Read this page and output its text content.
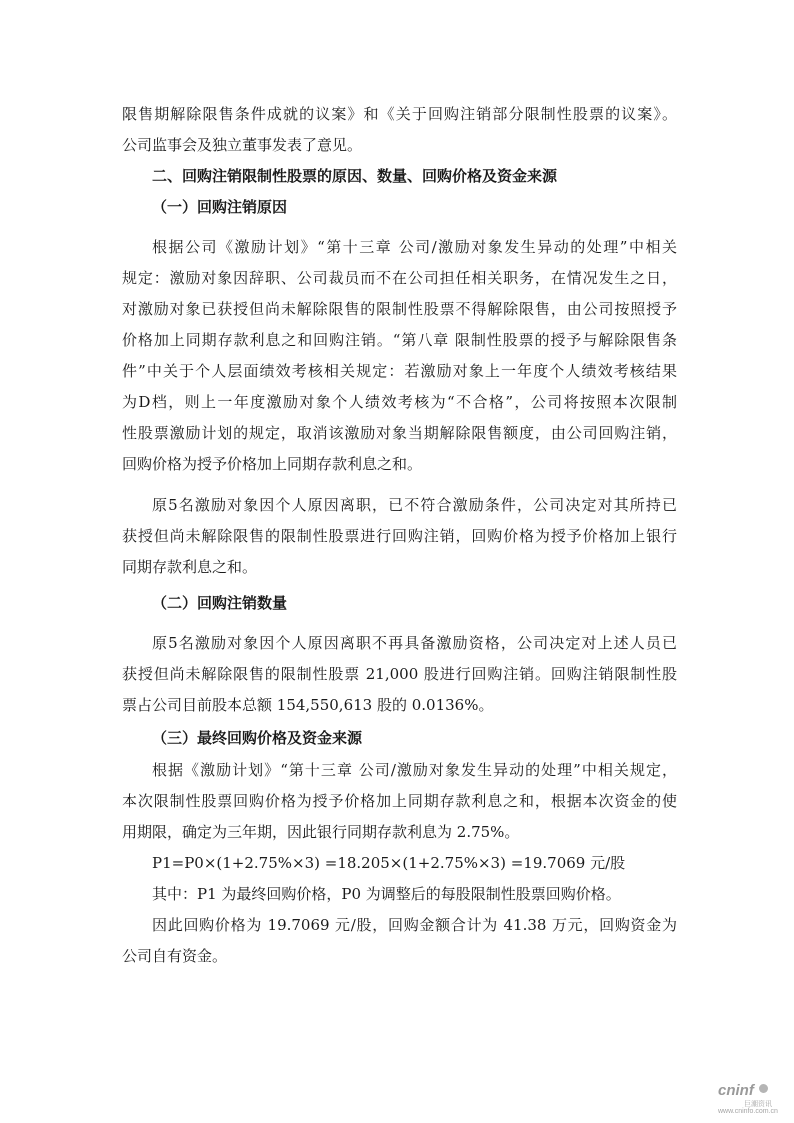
限售期解除限售条件成就的议案》和《关于回购注销部分限制性股票的议案》。
公司监事会及独立董事发表了意见。
二、回购注销限制性股票的原因、数量、回购价格及资金来源
（一）回购注销原因
根据公司《激励计划》“第十三章 公司/激励对象发生异动的处理”中相关
规定：激励对象因辞职、公司裁员而不在公司担任相关职务，在情况发生之日，
对激励对象已获授但尚未解除限售的限制性股票不得解除限售，由公司按照授予
价格加上同期存款利息之和回购注销。“第八章 限制性股票的授予与解除限售条
件”中关于个人层面绩效考核相关规定：若激励对象上一年度个人绩效考核结果
为D档，则上一年度激励对象个人绩效考核为“不合格”，公司将按照本次限制
性股票激励计划的规定，取消该激励对象当期解除限售额度，由公司回购注销，
回购价格为授予价格加上同期存款利息之和。
原5名激励对象因个人原因离职，已不符合激励条件，公司决定对其所持已
获授但尚未解除限售的限制性股票进行回购注销，回购价格为授予价格加上银行
同期存款利息之和。
（二）回购注销数量
原5名激励对象因个人原因离职不再具备激励资格，公司决定对上述人员已
获授但尚未解除限售的限制性股票 21,000 股进行回购注销。回购注销限制性股
票占公司目前股本总额 154,550,613 股的 0.0136%。
（三）最终回购价格及资金来源
根据《激励计划》“第十三章 公司/激励对象发生异动的处理”中相关规定，
本次限制性股票回购价格为授予价格加上同期存款利息之和，根据本次资金的使
用期限，确定为三年期，因此银行同期存款利息为 2.75%。
P1=P0×(1+2.75%×3) =18.205×(1+2.75%×3) =19.7069 元/股
其中：P1 为最终回购价格，P0 为调整后的每股限制性股票回购价格。
因此回购价格为 19.7069 元/股，回购金额合计为 41.38 万元，回购资金为
公司自有资金。
cninf
巨潮资讯
www.cninfo.com.cn
